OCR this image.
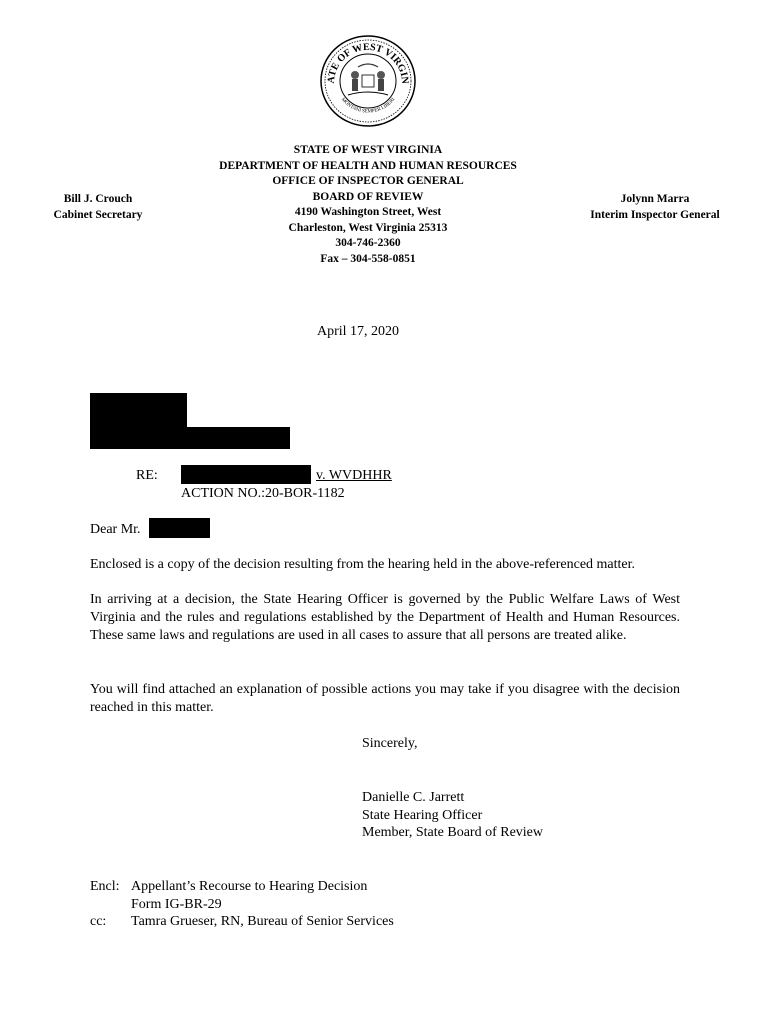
ATE OF WEST VIRGIN
MONTANI SEMPER LIBERI
STATE OF WEST VIRGINIA
DEPARTMENT OF HEALTH AND HUMAN RESOURCES
OFFICE OF INSPECTOR GENERAL
BOARD OF REVIEW
4190 Washington Street, West
Charleston, West Virginia 25313
304-746-2360
Fax – 304-558-0851
Bill J. Crouch
Cabinet Secretary
Jolynn Marra
Interim Inspector General
April 17, 2020
RE:	v. WVDHHR
ACTION NO.:20-BOR-1182
Dear Mr.
Enclosed is a copy of the decision resulting from the hearing held in the above-referenced matter.
In arriving at a decision, the State Hearing Officer is governed by the Public Welfare Laws of West Virginia and the rules and regulations established by the Department of Health and Human Resources. These same laws and regulations are used in all cases to assure that all persons are treated alike.
You will find attached an explanation of possible actions you may take if you disagree with the decision reached in this matter.
Sincerely,
Danielle C. Jarrett
State Hearing Officer
Member, State Board of Review
Encl: Appellant’s Recourse to Hearing Decision
Form IG-BR-29
cc: Tamra Grueser, RN, Bureau of Senior Services
